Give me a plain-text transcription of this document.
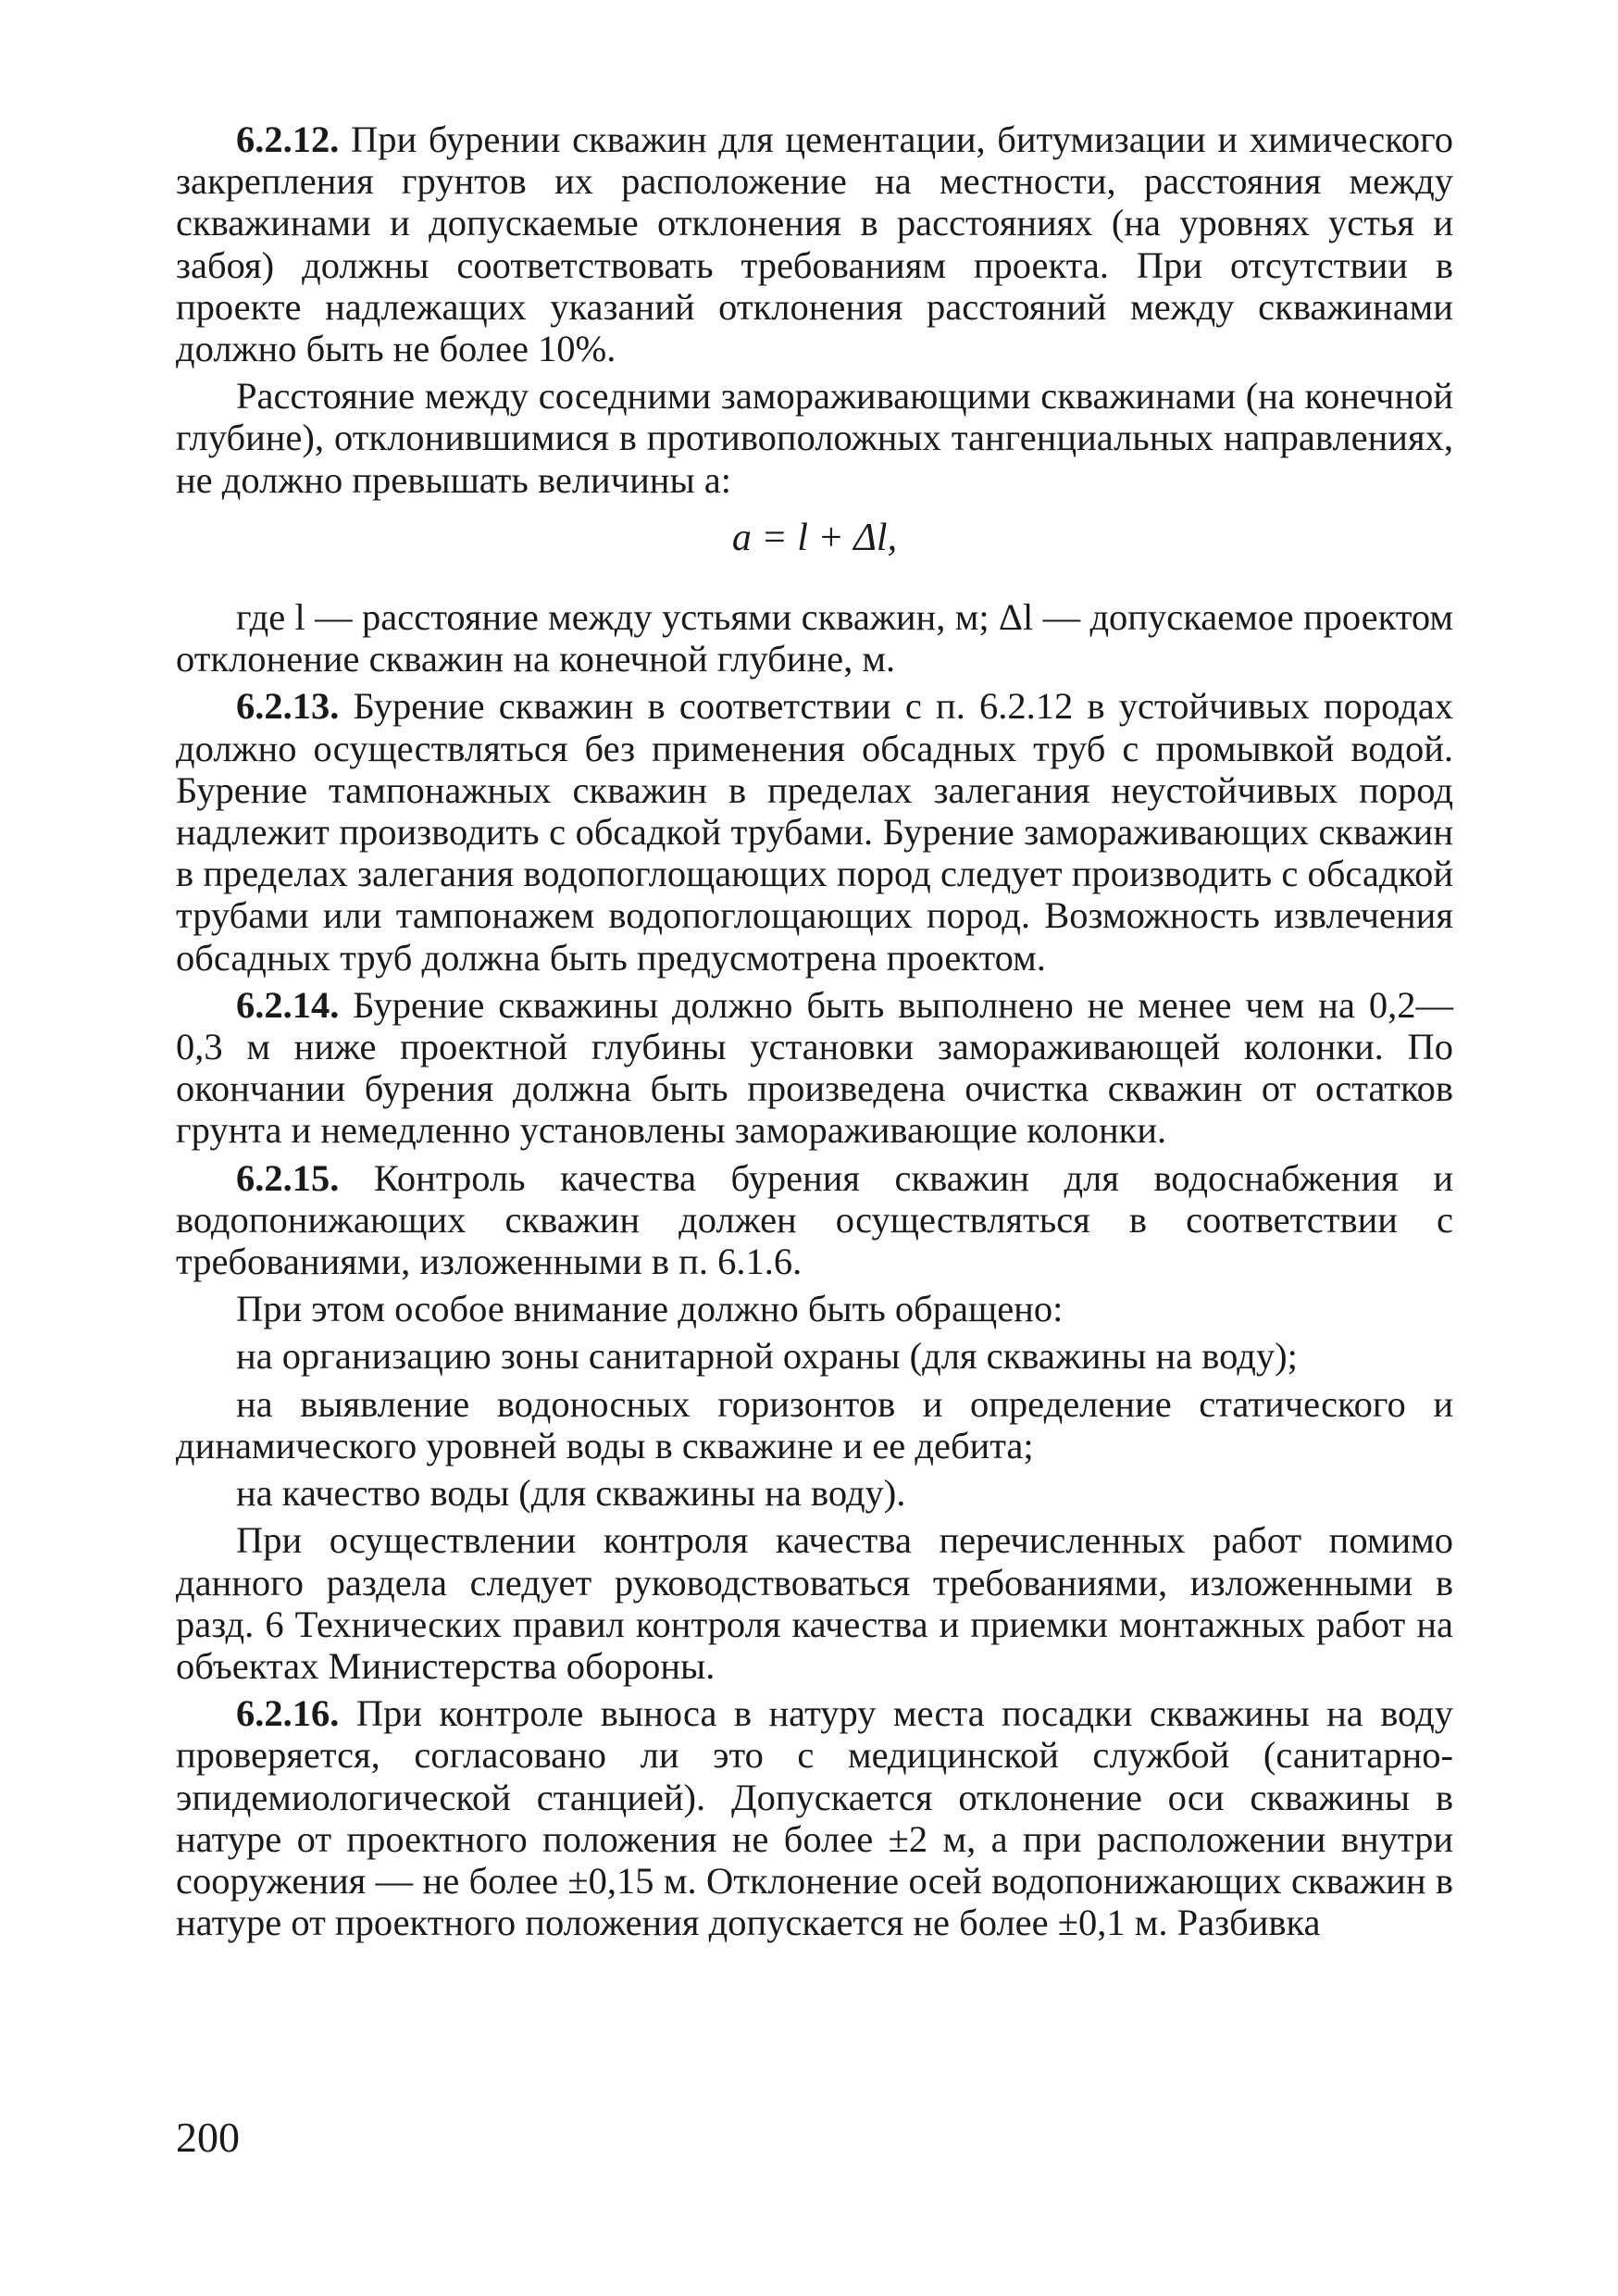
6.2.12. При бурении скважин для цементации, битумизации и химического закрепления грунтов их расположение на местности, расстояния между скважинами и допускаемые отклонения в расстояниях (на уровнях устья и забоя) должны соответствовать требованиям проекта. При отсутствии в проекте надлежащих указаний отклонения расстояний между скважинами должно быть не более 10%.

Расстояние между соседними замораживающими скважинами (на конечной глубине), отклонившимися в противоположных тангенциальных направлениях, не должно превышать величины a:

a = l + Δl,

где l — расстояние между устьями скважин, м; Δl — допускаемое проектом отклонение скважин на конечной глубине, м.

6.2.13. Бурение скважин в соответствии с п. 6.2.12 в устойчивых породах должно осуществляться без применения обсадных труб с промывкой водой. Бурение тампонажных скважин в пределах залегания неустойчивых пород надлежит производить с обсадкой трубами. Бурение замораживающих скважин в пределах залегания водопоглощающих пород следует производить с обсадкой трубами или тампонажем водопоглощающих пород. Возможность извлечения обсадных труб должна быть предусмотрена проектом.

6.2.14. Бурение скважины должно быть выполнено не менее чем на 0,2—0,3 м ниже проектной глубины установки замораживающей колонки. По окончании бурения должна быть произведена очистка скважин от остатков грунта и немедленно установлены замораживающие колонки.

6.2.15. Контроль качества бурения скважин для водоснабжения и водопонижающих скважин должен осуществляться в соответствии с требованиями, изложенными в п. 6.1.6.

При этом особое внимание должно быть обращено:

на организацию зоны санитарной охраны (для скважины на воду);

на выявление водоносных горизонтов и определение статического и динамического уровней воды в скважине и ее дебита;

на качество воды (для скважины на воду).

При осуществлении контроля качества перечисленных работ помимо данного раздела следует руководствоваться требованиями, изложенными в разд. 6 Технических правил контроля качества и приемки монтажных работ на объектах Министерства обороны.

6.2.16. При контроле выноса в натуру места посадки скважины на воду проверяется, согласовано ли это с медицинской службой (санитарно-эпидемиологической станцией). Допускается отклонение оси скважины в натуре от проектного положения не более ±2 м, а при расположении внутри сооружения — не более ±0,15 м. Отклонение осей водопонижающих скважин в натуре от проектного положения допускается не более ±0,1 м. Разбивка

200
